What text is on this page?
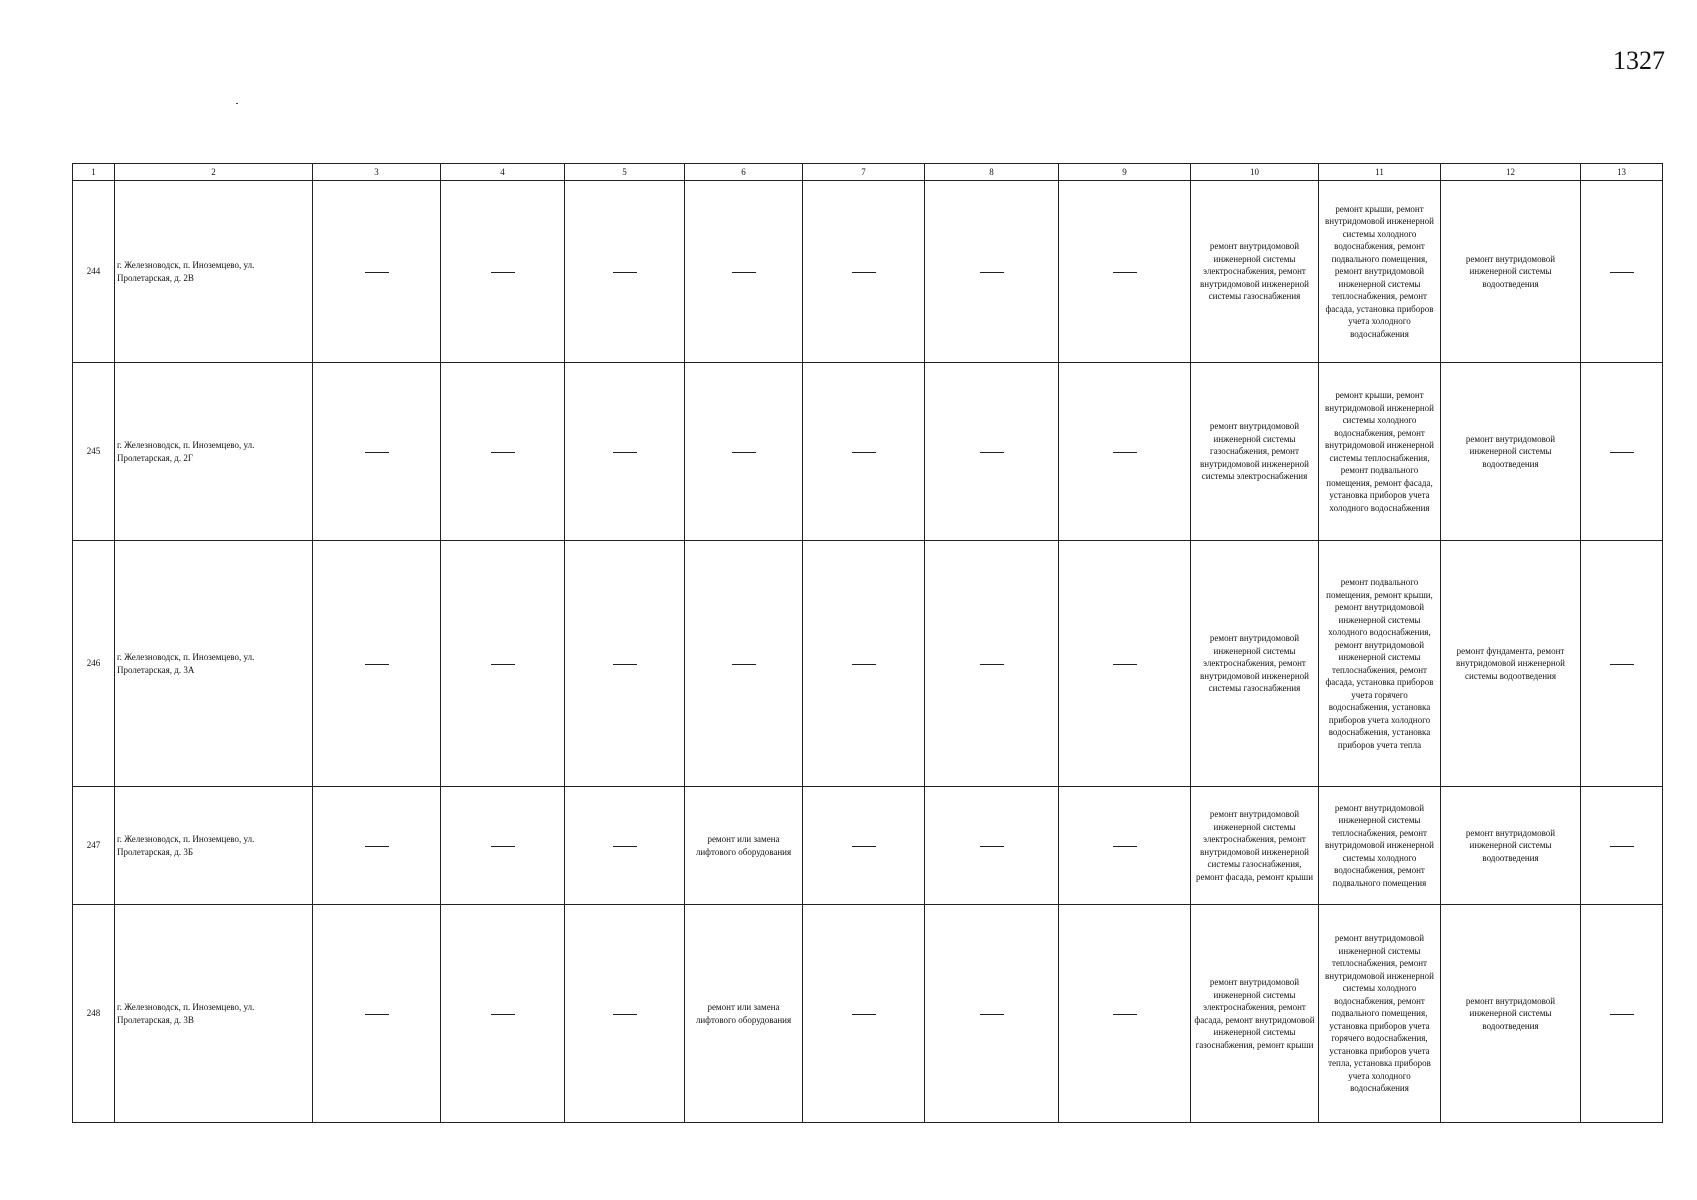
1327
1	2	3	4	5	6	7	8	9	10	11	12	13
244	г. Железноводск, п. Иноземцево, ул. Пролетарская, д. 2В								ремонт внутридомовой инженерной системы электроснабжения, ремонт внутридомовой инженерной системы газоснабжения	ремонт крыши, ремонт внутридомовой инженерной системы холодного водоснабжения, ремонт подвального помещения, ремонт внутридомовой инженерной системы теплоснабжения, ремонт фасада, установка приборов учета холодного водоснабжения	ремонт внутридомовой инженерной системы водоотведения	
245	г. Железноводск, п. Иноземцево, ул. Пролетарская, д. 2Г								ремонт внутридомовой инженерной системы газоснабжения, ремонт внутридомовой инженерной системы электроснабжения	ремонт крыши, ремонт внутридомовой инженерной системы холодного водоснабжения, ремонт внутридомовой инженерной системы теплоснабжения, ремонт подвального помещения, ремонт фасада, установка приборов учета холодного водоснабжения	ремонт внутридомовой инженерной системы водоотведения	
246	г. Железноводск, п. Иноземцево, ул. Пролетарская, д. 3А								ремонт внутридомовой инженерной системы электроснабжения, ремонт внутридомовой инженерной системы газоснабжения	ремонт подвального помещения, ремонт крыши, ремонт внутридомовой инженерной системы холодного водоснабжения, ремонт внутридомовой инженерной системы теплоснабжения, ремонт фасада, установка приборов учета горячего водоснабжения, установка приборов учета холодного водоснабжения, установка приборов учета тепла	ремонт фундамента, ремонт внутридомовой инженерной системы водоотведения	
247	г. Железноводск, п. Иноземцево, ул. Пролетарская, д. 3Б				ремонт или замена лифтового оборудования				ремонт внутридомовой инженерной системы электроснабжения, ремонт внутридомовой инженерной системы газоснабжения, ремонт фасада, ремонт крыши	ремонт внутридомовой инженерной системы теплоснабжения, ремонт внутридомовой инженерной системы холодного водоснабжения, ремонт подвального помещения	ремонт внутридомовой инженерной системы водоотведения	
248	г. Железноводск, п. Иноземцево, ул. Пролетарская, д. 3В				ремонт или замена лифтового оборудования				ремонт внутридомовой инженерной системы электроснабжения, ремонт фасада, ремонт внутридомовой инженерной системы газоснабжения, ремонт крыши	ремонт внутридомовой инженерной системы теплоснабжения, ремонт внутридомовой инженерной системы холодного водоснабжения, ремонт подвального помещения, установка приборов учета горячего водоснабжения, установка приборов учета тепла, установка приборов учета холодного водоснабжения	ремонт внутридомовой инженерной системы водоотведения	
